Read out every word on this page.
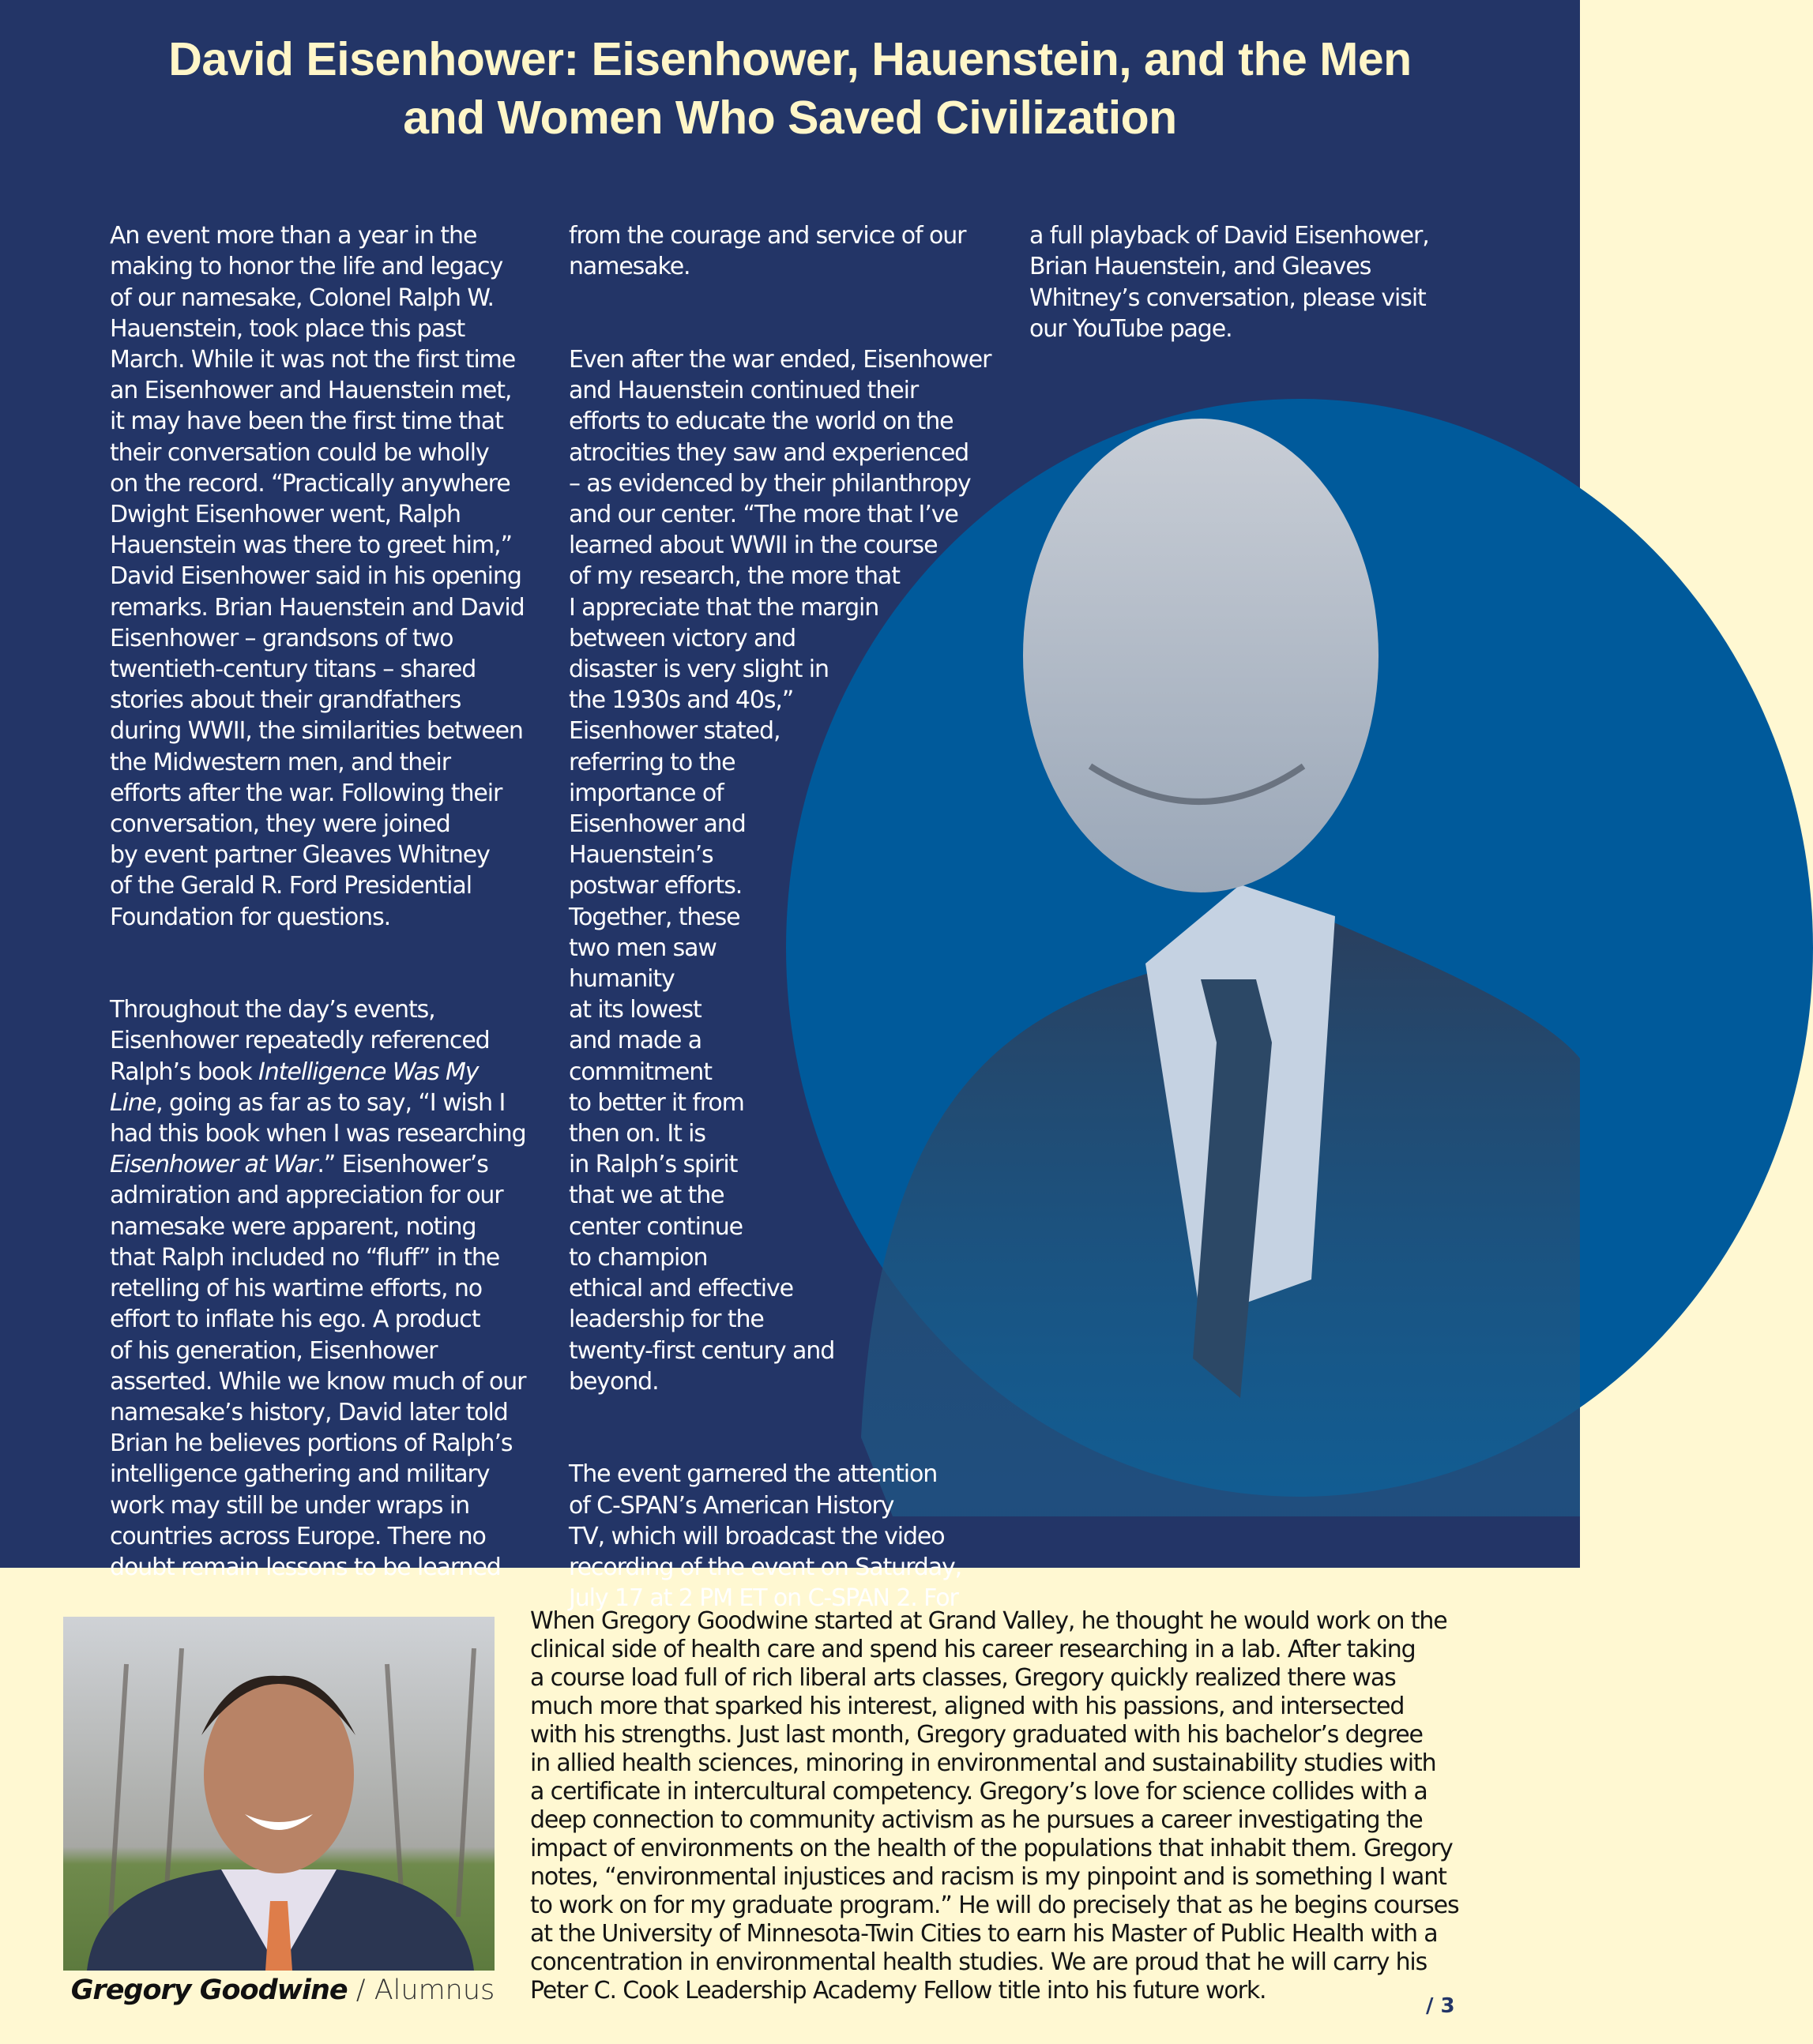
David Eisenhower: Eisenhower, Hauenstein, and the Men
and Women Who Saved Civilization

An event more than a year in the
making to honor the life and legacy
of our namesake, Colonel Ralph W.
Hauenstein, took place this past
March. While it was not the first time
an Eisenhower and Hauenstein met,
it may have been the first time that
their conversation could be wholly
on the record. “Practically anywhere
Dwight Eisenhower went, Ralph
Hauenstein was there to greet him,”
David Eisenhower said in his opening
remarks. Brian Hauenstein and David
Eisenhower – grandsons of two
twentieth-century titans – shared
stories about their grandfathers
during WWII, the similarities between
the Midwestern men, and their
efforts after the war. Following their
conversation, they were joined
by event partner Gleaves Whitney
of the Gerald R. Ford Presidential
Foundation for questions.

Throughout the day’s events,
Eisenhower repeatedly referenced
Ralph’s book Intelligence Was My
Line, going as far as to say, “I wish I
had this book when I was researching
Eisenhower at War.” Eisenhower’s
admiration and appreciation for our
namesake were apparent, noting
that Ralph included no “fluff” in the
retelling of his wartime efforts, no
effort to inflate his ego. A product
of his generation, Eisenhower
asserted. While we know much of our
namesake’s history, David later told
Brian he believes portions of Ralph’s
intelligence gathering and military
work may still be under wraps in
countries across Europe. There no
doubt remain lessons to be learned

from the courage and service of our
namesake.

Even after the war ended, Eisenhower
and Hauenstein continued their
efforts to educate the world on the
atrocities they saw and experienced
– as evidenced by their philanthropy
and our center. “The more that I’ve
learned about WWII in the course
of my research, the more that
I appreciate that the margin
between victory and
disaster is very slight in
the 1930s and 40s,”
Eisenhower stated,
referring to the
importance of
Eisenhower and
Hauenstein’s
postwar efforts.
Together, these
two men saw
humanity
at its lowest
and made a
commitment
to better it from
then on. It is
in Ralph’s spirit
that we at the
center continue
to champion
ethical and effective
leadership for the
twenty-first century and
beyond.

The event garnered the attention
of C-SPAN’s American History
TV, which will broadcast the video
recording of the event on Saturday,
July 17 at 2 PM ET on C-SPAN 2. For

a full playback of David Eisenhower,
Brian Hauenstein, and Gleaves
Whitney’s conversation, please visit
our YouTube page.

Gregory Goodwine / Alumnus
When Gregory Goodwine started at Grand Valley, he thought he would work on the
clinical side of health care and spend his career researching in a lab. After taking
a course load full of rich liberal arts classes, Gregory quickly realized there was
much more that sparked his interest, aligned with his passions, and intersected
with his strengths. Just last month, Gregory graduated with his bachelor’s degree
in allied health sciences, minoring in environmental and sustainability studies with
a certificate in intercultural competency. Gregory’s love for science collides with a
deep connection to community activism as he pursues a career investigating the
impact of environments on the health of the populations that inhabit them. Gregory
notes, “environmental injustices and racism is my pinpoint and is something I want
to work on for my graduate program.” He will do precisely that as he begins courses
at the University of Minnesota-Twin Cities to earn his Master of Public Health with a
concentration in environmental health studies. We are proud that he will carry his
Peter C. Cook Leadership Academy Fellow title into his future work.
/ 3
